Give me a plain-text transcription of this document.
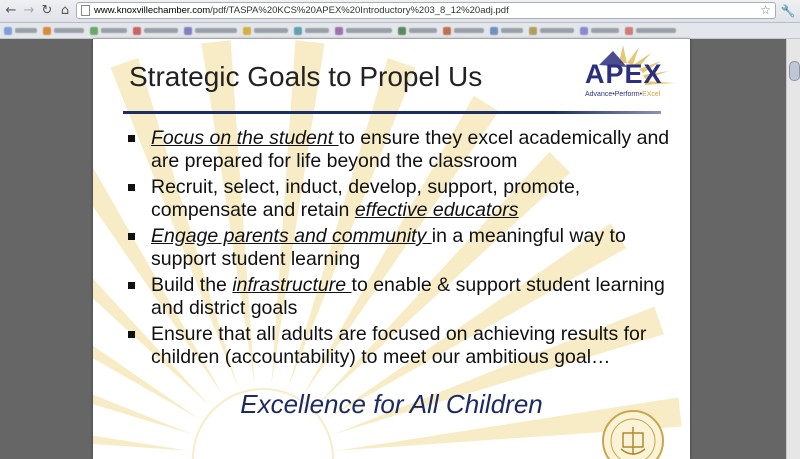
← → ↻ ⌂	www.knoxvillechamber.com/pdf/TASPA%20KCS%20APEX%20Introductory%203_8_12%20adj.pdf	☆ 🔧
Strategic Goals to Propel Us	APEX
Advance•Perform•EXcel
Focus on the student to ensure they excel academically and are prepared for life beyond the classroom
Recruit, select, induct, develop, support, promote, compensate and retain effective educators
Engage parents and community in a meaningful way to support student learning
Build the infrastructure to enable & support student learning and district goals
Ensure that all adults are focused on achieving results for children (accountability) to meet our ambitious goal…
Excellence for All Children
